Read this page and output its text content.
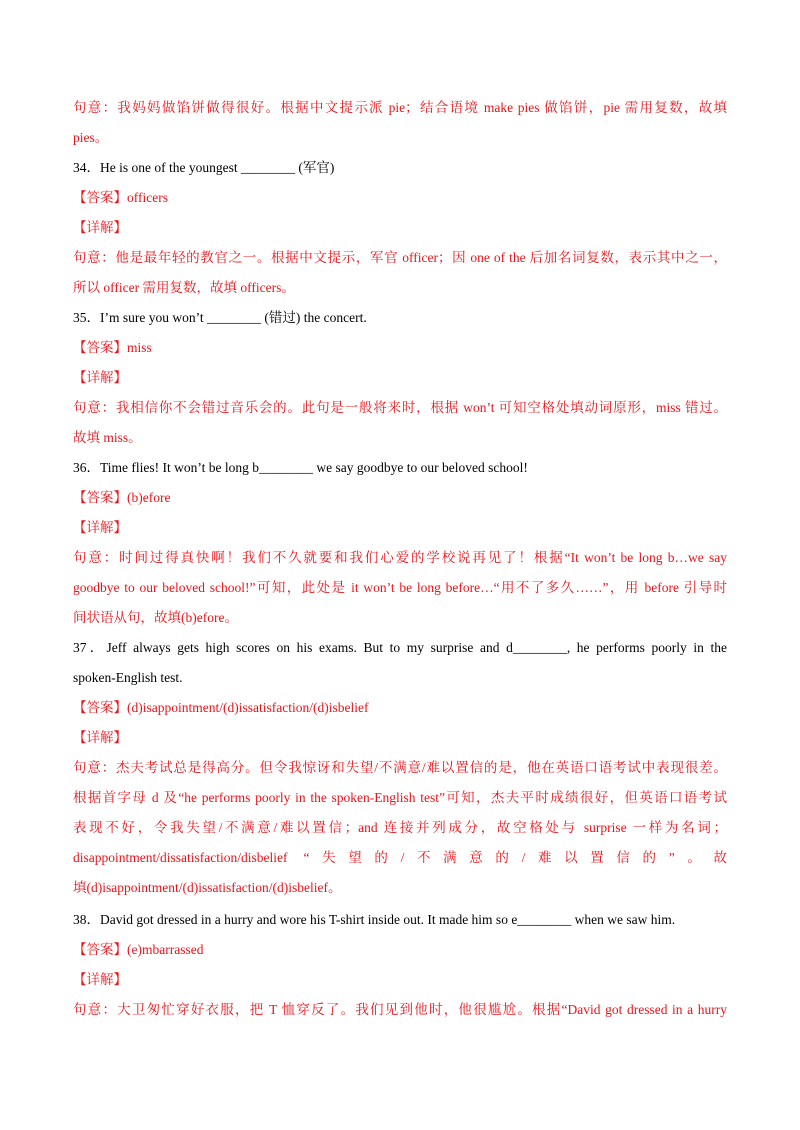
句意：我妈妈做馅饼做得很好。根据中文提示派 pie；结合语境 make pies 做馅饼，pie 需用复数，故填
pies。
34．He is one of the youngest ________ (军官)
【答案】officers
【详解】
句意：他是最年轻的教官之一。根据中文提示，军官 officer；因 one of the 后加名词复数，表示其中之一，
所以 officer 需用复数，故填 officers。
35．I’m sure you won’t ________ (错过) the concert.
【答案】miss
【详解】
句意：我相信你不会错过音乐会的。此句是一般将来时，根据 won’t 可知空格处填动词原形，miss 错过。
故填 miss。
36．Time flies! It won’t be long b________ we say goodbye to our beloved school!
【答案】(b)efore
【详解】
句意：时间过得真快啊！我们不久就要和我们心爱的学校说再见了！根据“It won’t be long b…we say
goodbye to our beloved school!”可知，此处是 it won’t be long before…“用不了多久……”，用 before 引导时
间状语从句，故填(b)efore。
37．Jeff always gets high scores on his exams. But to my surprise and d________, he performs poorly in the
spoken-English test.
【答案】(d)isappointment/(d)issatisfaction/(d)isbelief
【详解】
句意：杰夫考试总是得高分。但令我惊讶和失望/不满意/难以置信的是，他在英语口语考试中表现很差。
根据首字母 d 及“he performs poorly in the spoken-English test”可知，杰夫平时成绩很好，但英语口语考试
表现不好，令我失望/不满意/难以置信；and 连接并列成分，故空格处与 surprise 一样为名词；
disappointment/dissatisfaction/disbelief “失望的/不满意的/难以置信的”。故
填(d)isappointment/(d)issatisfaction/(d)isbelief。
38．David got dressed in a hurry and wore his T-shirt inside out. It made him so e________ when we saw him.
【答案】(e)mbarrassed
【详解】
句意：大卫匆忙穿好衣服，把 T 恤穿反了。我们见到他时，他很尴尬。根据“David got dressed in a hurry
